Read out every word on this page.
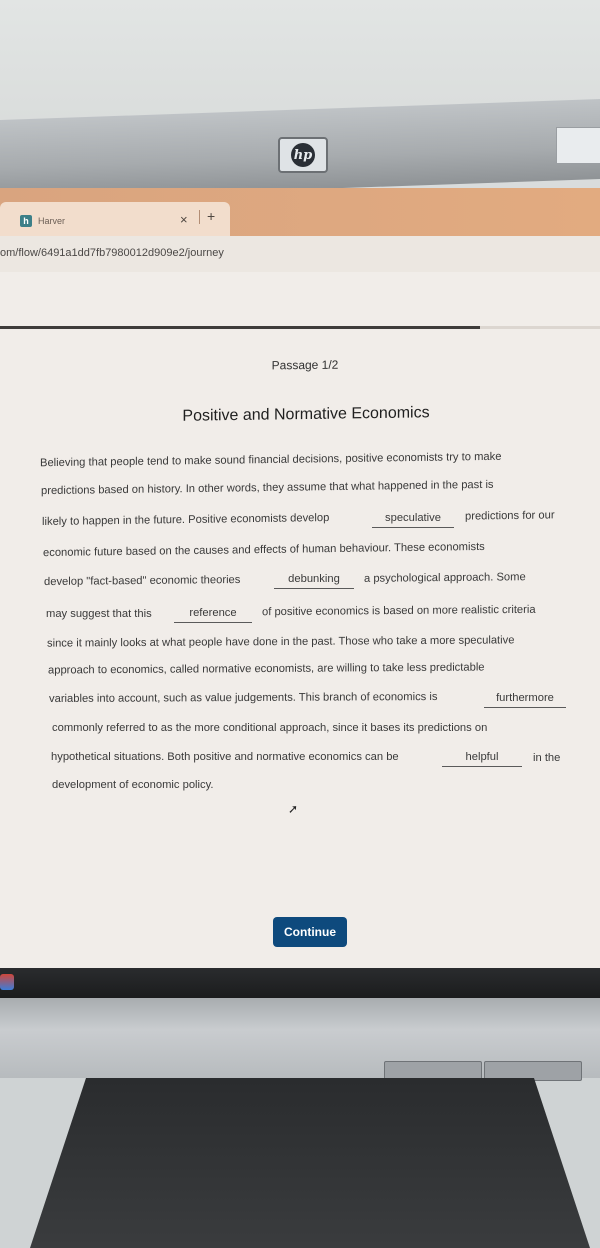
hp
h	Harver	× +
om/flow/6491a1dd7fb7980012d909e2/journey
Passage 1/2
Positive and Normative Economics
Believing that people tend to make sound financial decisions, positive economists try to make
predictions based on history. In other words, they assume that what happened in the past is
likely to happen in the future. Positive economists develop	speculative	predictions for our
economic future based on the causes and effects of human behaviour. These economists
develop "fact-based" economic theories	debunking	a psychological approach. Some
may suggest that this	reference	of positive economics is based on more realistic criteria
since it mainly looks at what people have done in the past. Those who take a more speculative
approach to economics, called normative economists, are willing to take less predictable
variables into account, such as value judgements. This branch of economics is	furthermore
commonly referred to as the more conditional approach, since it bases its predictions on
hypothetical situations. Both positive and normative economics can be	helpful	in the
development of economic policy.
➚
Continue
